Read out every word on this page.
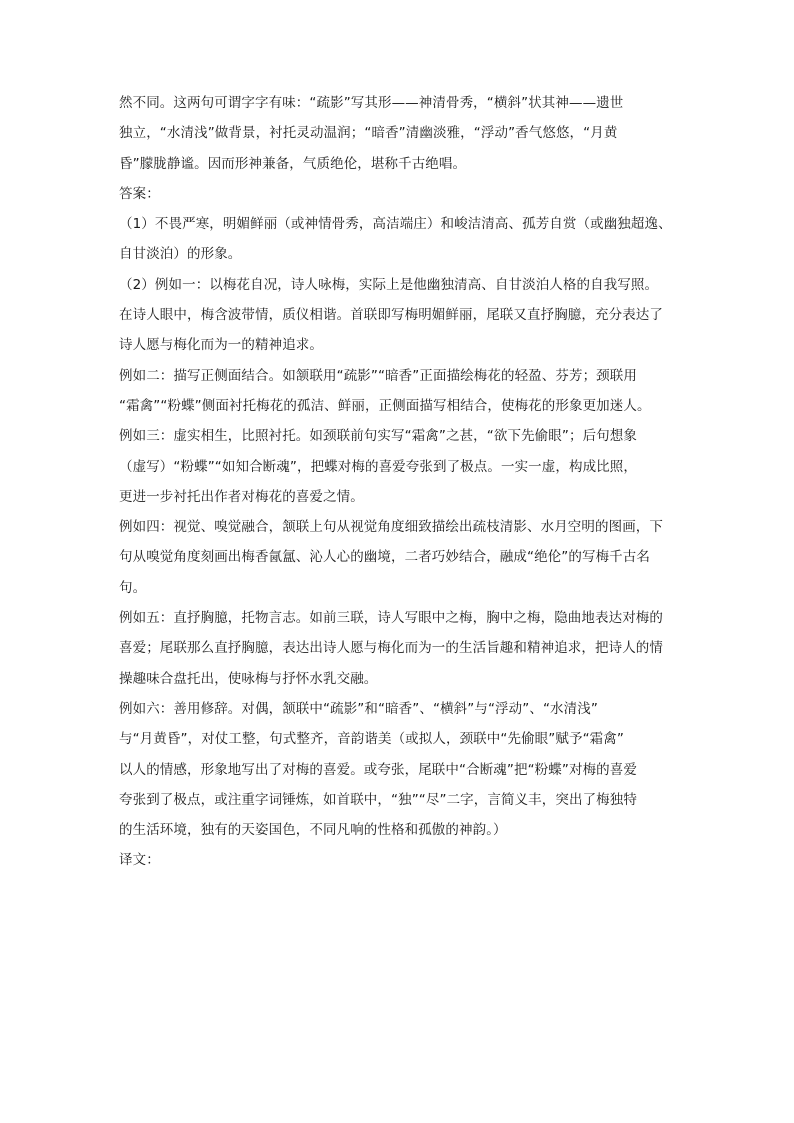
然不同。这两句可谓字字有味：“疏影”写其形——神清骨秀，“横斜”状其神——遗世
独立，“水清浅”做背景，衬托灵动温润；“暗香”清幽淡雅，“浮动”香气悠悠，“月黄
昏”朦胧静谧。因而形神兼备，气质绝伦，堪称千古绝唱。
答案：
（1）不畏严寒，明媚鲜丽（或神情骨秀，高洁端庄）和峻洁清高、孤芳自赏（或幽独超逸、
自甘淡泊）的形象。
（2）例如一：以梅花自况，诗人咏梅，实际上是他幽独清高、自甘淡泊人格的自我写照。
在诗人眼中，梅含波带情，质仪相谐。首联即写梅明媚鲜丽，尾联又直抒胸臆，充分表达了
诗人愿与梅化而为一的精神追求。
例如二：描写正侧面结合。如颔联用“疏影”“暗香”正面描绘梅花的轻盈、芬芳；颈联用
“霜禽”“粉蝶”侧面衬托梅花的孤洁、鲜丽，正侧面描写相结合，使梅花的形象更加迷人。
例如三：虚实相生，比照衬托。如颈联前句实写“霜禽”之甚，“欲下先偷眼”；后句想象
（虚写）“粉蝶”“如知合断魂”，把蝶对梅的喜爱夸张到了极点。一实一虚，构成比照，
更进一步衬托出作者对梅花的喜爱之情。
例如四：视觉、嗅觉融合，颔联上句从视觉角度细致描绘出疏枝清影、水月空明的图画，下
句从嗅觉角度刻画出梅香氤氲、沁人心的幽境，二者巧妙结合，融成“绝伦”的写梅千古名
句。
例如五：直抒胸臆，托物言志。如前三联，诗人写眼中之梅，胸中之梅，隐曲地表达对梅的
喜爱；尾联那么直抒胸臆，表达出诗人愿与梅化而为一的生活旨趣和精神追求，把诗人的情
操趣味合盘托出，使咏梅与抒怀水乳交融。
例如六：善用修辞。对偶，颔联中“疏影”和“暗香”、“横斜”与“浮动”、“水清浅”
与“月黄昏”，对仗工整，句式整齐，音韵谐美（或拟人，颈联中“先偷眼”赋予“霜禽”
以人的情感，形象地写出了对梅的喜爱。或夸张，尾联中“合断魂”把“粉蝶”对梅的喜爱
夸张到了极点，或注重字词锤炼，如首联中，“独”“尽”二字，言简义丰，突出了梅独特
的生活环境，独有的天姿国色，不同凡响的性格和孤傲的神韵。）
译文：
